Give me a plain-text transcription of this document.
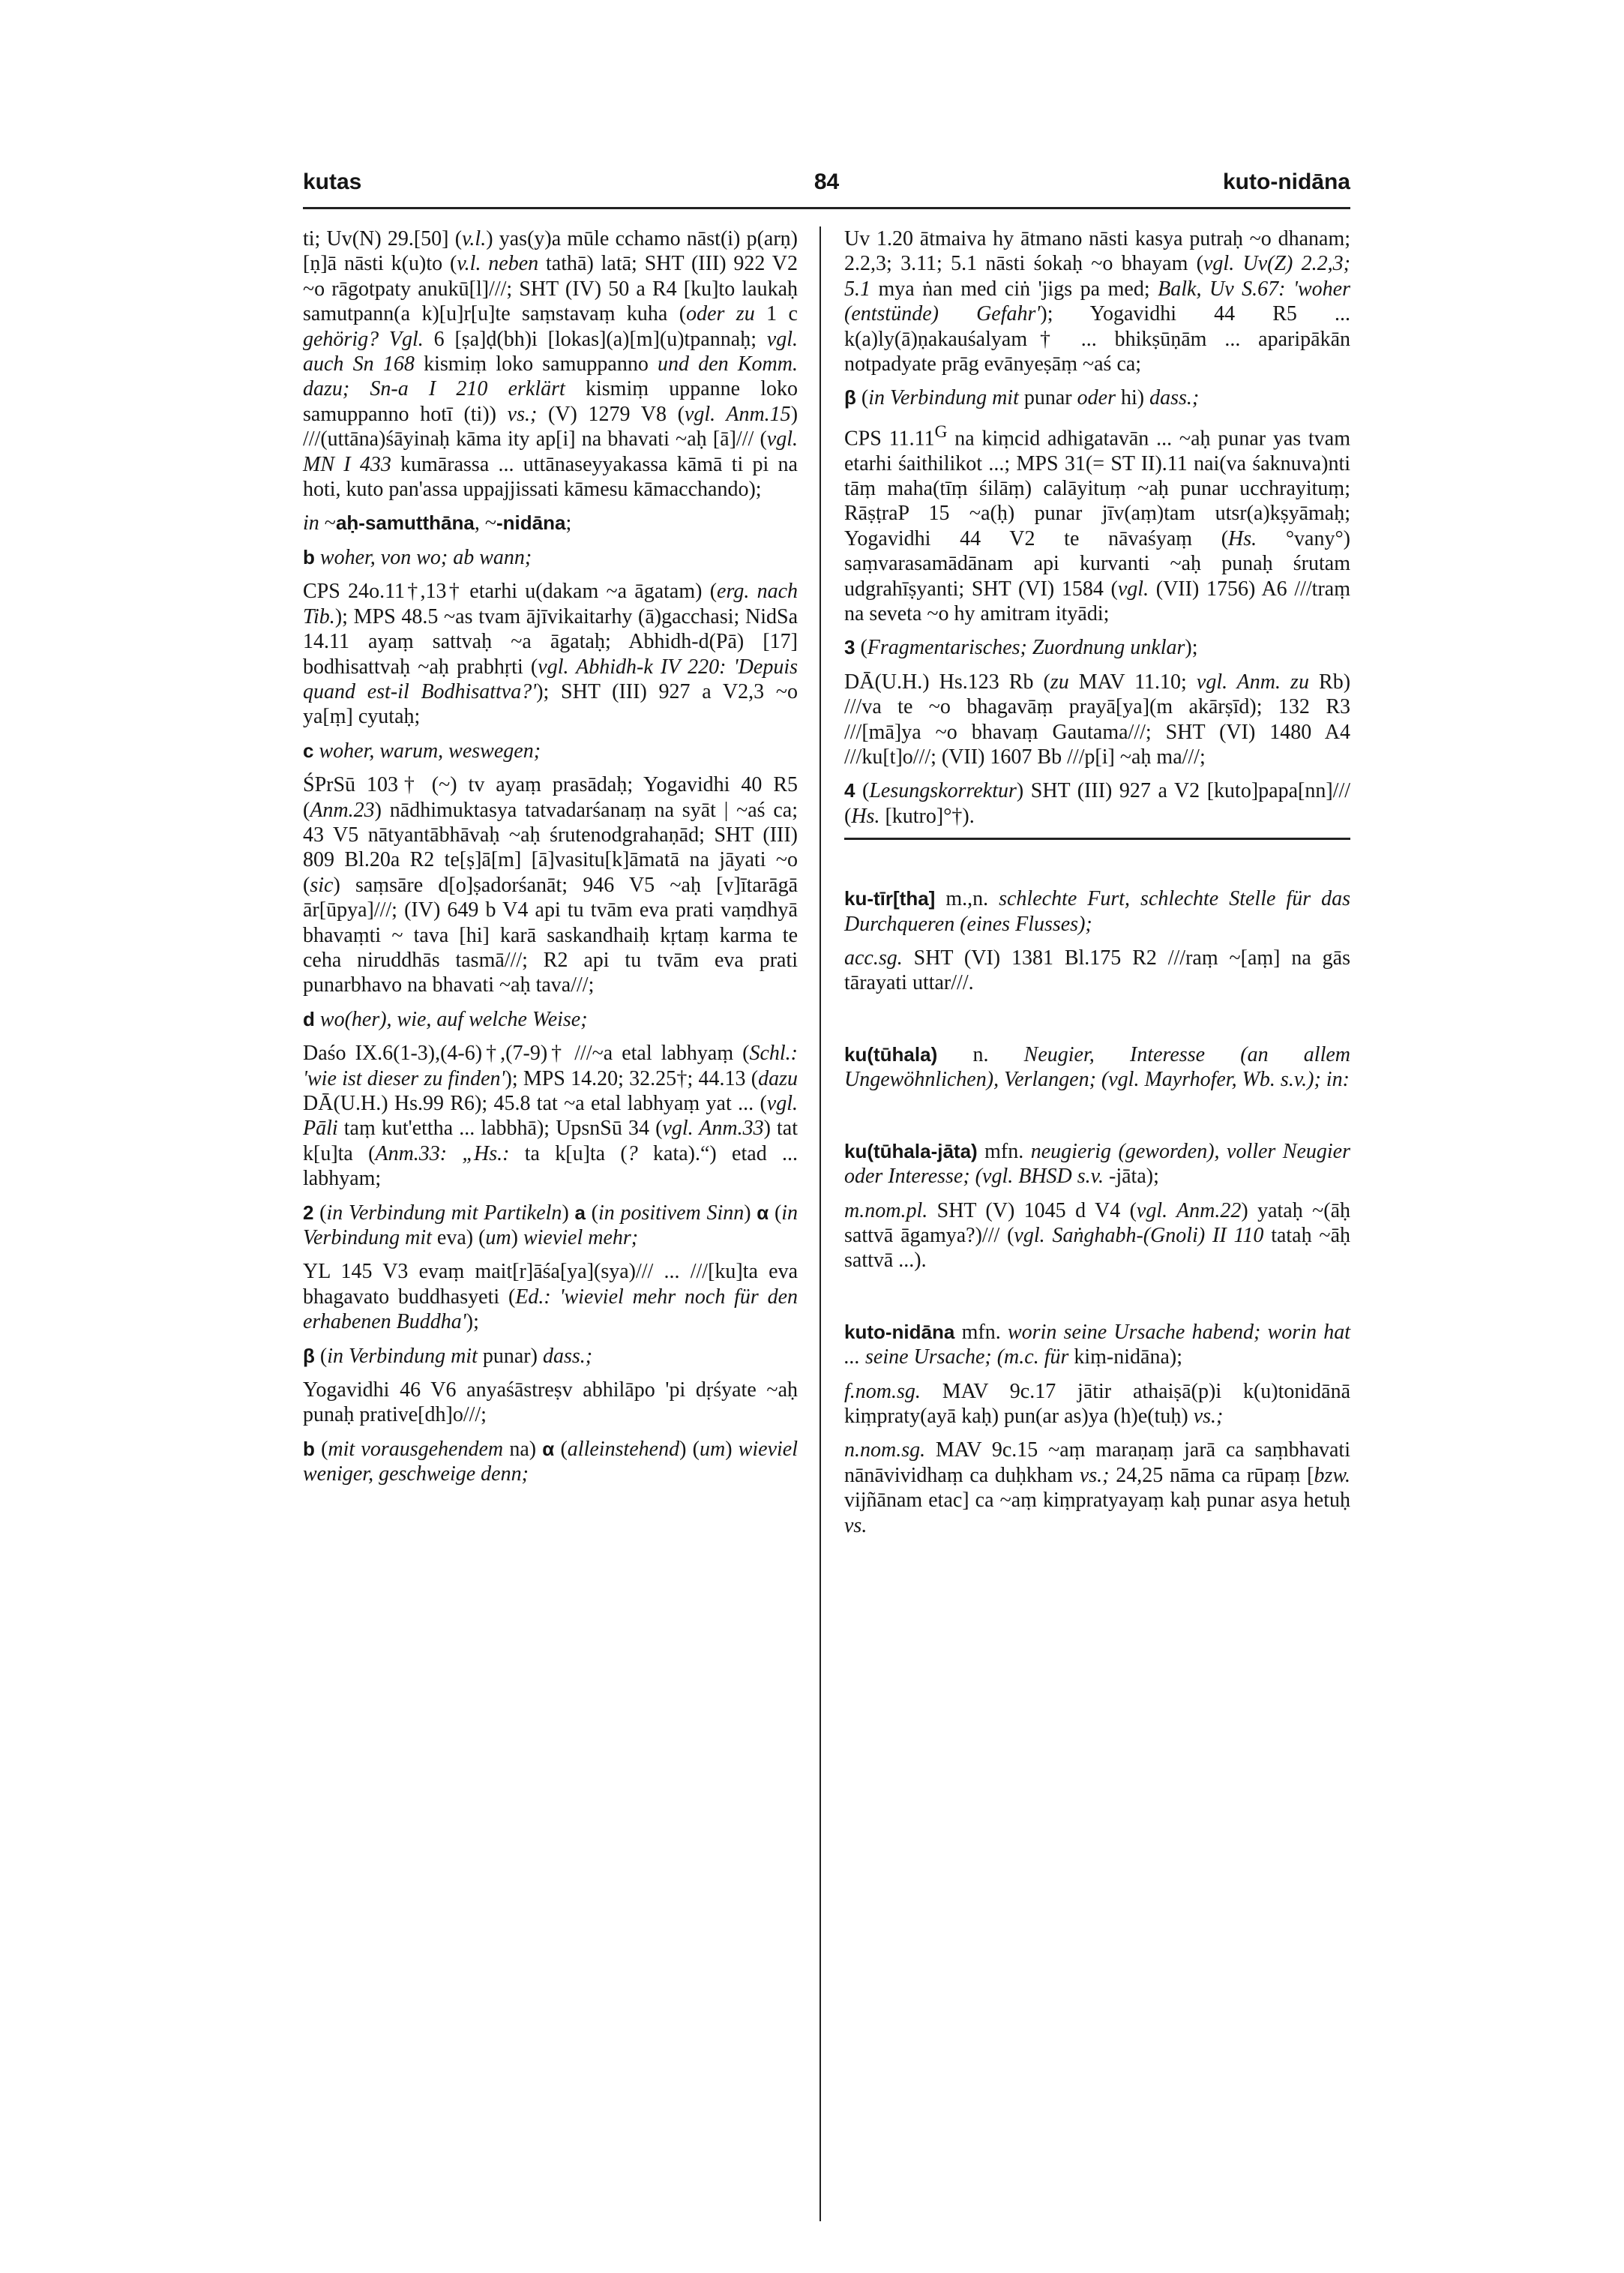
kutas	84	kuto-nidāna

ti; Uv(N) 29.[50] (v.l.) yas(y)a mūle cchamo nāst(i) p(arṇ)[ṇ]ā nāsti k(u)to (v.l. neben tathā) latā; SHT (III) 922 V2 ~o rāgotpaty anukū[l]///; SHT (IV) 50 a R4 [ku]to laukaḥ samutpann(a k)[u]r[u]te saṃstavaṃ kuha (oder zu 1 c gehörig? Vgl. 6 [ṣa]ḍ(bh)i [lokas](a)[m](u)tpannaḥ; vgl. auch Sn 168 kismiṃ loko samuppanno und den Komm. dazu; Sn-a I 210 erklärt kismiṃ uppanne loko samuppanno hotī (ti)) vs.; (V) 1279 V8 (vgl. Anm.15) ///(uttāna)śāyinaḥ kāma ity ap[i] na bhavati ~aḥ [ā]/// (vgl. MN I 433 kumārassa ... uttānaseyyakassa kāmā ti pi na hoti, kuto pan'assa uppajjissati kāmesu kāmacchando);

in ~aḥ-samutthāna, ~-nidāna;

b woher, von wo; ab wann;

CPS 24o.11†,13† etarhi u(dakam ~a āgatam) (erg. nach Tib.); MPS 48.5 ~as tvam ājīvikaitarhy (ā)gacchasi; NidSa 14.11 ayaṃ sattvaḥ ~a āgataḥ; Abhidh-d(Pā) [17] bodhisattvaḥ ~aḥ prabhṛti (vgl. Abhidh-k IV 220: 'Depuis quand est-il Bodhisattva?'); SHT (III) 927 a V2,3 ~o ya[ṃ] cyutaḥ;

c woher, warum, weswegen;

ŚPrSū 103† (~) tv ayaṃ prasādaḥ; Yogavidhi 40 R5 (Anm.23) nādhimuktasya tatvadarśanaṃ na syāt | ~aś ca; 43 V5 nātyantābhāvaḥ ~aḥ śrutenodgrahaṇād; SHT (III) 809 Bl.20a R2 te[ṣ]ā[m] [ā]vasitu[k]āmatā na jāyati ~o (sic) saṃsāre d[o]ṣadorśanāt; 946 V5 ~aḥ [v]ītarāgā ār[ūpya]///; (IV) 649 b V4 api tu tvām eva prati vaṃdhyā bhavaṃti ~ tava [hi] karā saskandhaiḥ kṛtaṃ karma te ceha niruddhās tasmā///; R2 api tu tvām eva prati punarbhavo na bhavati ~aḥ tava///;

d wo(her), wie, auf welche Weise;

Daśo IX.6(1-3),(4-6)†,(7-9)† ///~a etal labhyaṃ (Schl.: 'wie ist dieser zu finden'); MPS 14.20; 32.25†; 44.13 (dazu DĀ(U.H.) Hs.99 R6); 45.8 tat ~a etal labhyaṃ yat ... (vgl. Pāli taṃ kut'ettha ... labbhā); UpsnSū 34 (vgl. Anm.33) tat k[u]ta (Anm.33: „Hs.: ta k[u]ta (? kata).“) etad ... labhyam;

2 (in Verbindung mit Partikeln) a (in positivem Sinn) α (in Verbindung mit eva) (um) wieviel mehr;

YL 145 V3 evaṃ mait[r]āśa[ya](sya)/// ... ///[ku]ta eva bhagavato buddhasyeti (Ed.: 'wieviel mehr noch für den erhabenen Buddha');

β (in Verbindung mit punar) dass.;

Yogavidhi 46 V6 anyaśāstreṣv abhilāpo 'pi dṛśyate ~aḥ punaḥ prative[dh]o///;

b (mit vorausgehendem na) α (alleinstehend) (um) wieviel weniger, geschweige denn;

Uv 1.20 ātmaiva hy ātmano nāsti kasya putraḥ ~o dhanam; 2.2,3; 3.11; 5.1 nāsti śokaḥ ~o bhayam (vgl. Uv(Z) 2.2,3; 5.1 mya ṅan med ciṅ 'jigs pa med; Balk, Uv S.67: 'woher (entstünde) Gefahr'); Yogavidhi 44 R5 ... k(a)ly(ā)ṇakauśalyam† ... bhikṣūṇām ... aparipākān notpadyate prāg evānyeṣāṃ ~aś ca;

β (in Verbindung mit punar oder hi) dass.;

CPS $11.11^G$ na kiṃcid adhigatavān ... ~aḥ punar yas tvam etarhi śaithilikot ...; MPS 31(= ST II).11 nai(va śaknuva)nti tāṃ maha(tīṃ śilāṃ) calāyituṃ ~aḥ punar ucchrayituṃ; RāṣṭraP 15 ~a(ḥ) punar jīv(aṃ)tam utsr(a)kṣyāmaḥ; Yogavidhi 44 V2 te nāvaśyaṃ (Hs. °vany°) saṃvarasamādānam api kurvanti ~aḥ punaḥ śrutam udgrahīṣyanti; SHT (VI) 1584 (vgl. (VII) 1756) A6 ///traṃ na seveta ~o hy amitram ityādi;

3 (Fragmentarisches; Zuordnung unklar);

DĀ(U.H.) Hs.123 Rb (zu MAV 11.10; vgl. Anm. zu Rb) ///va te ~o bhagavāṃ prayā[ya](m akārṣīd); 132 R3 ///[mā]ya ~o bhavaṃ Gautama///; SHT (VI) 1480 A4 ///ku[t]o///; (VII) 1607 Bb ///p[i] ~aḥ ma///;

4 (Lesungskorrektur) SHT (III) 927 a V2 [kuto]papa[nn]/// (Hs. [kutro]°†).

ku-tīr[tha] m.,n. schlechte Furt, schlechte Stelle für das Durchqueren (eines Flusses);

acc.sg. SHT (VI) 1381 Bl.175 R2 ///raṃ ~[aṃ] na gās tārayati uttar///.

ku(tūhala) n. Neugier, Interesse (an allem Ungewöhnlichen), Verlangen; (vgl. Mayrhofer, Wb. s.v.); in:

ku(tūhala-jāta) mfn. neugierig (geworden), voller Neugier oder Interesse; (vgl. BHSD s.v. -jāta);

m.nom.pl. SHT (V) 1045 d V4 (vgl. Anm.22) yataḥ ~(āḥ sattvā āgamya?)/// (vgl. Saṅghabh-(Gnoli) II 110 tataḥ ~āḥ sattvā ...).

kuto-nidāna mfn. worin seine Ursache habend; worin hat ... seine Ursache; (m.c. für kiṃ-nidāna);

f.nom.sg. MAV 9c.17 jātir athaiṣā(p)i k(u)tonidānā kiṃpraty(ayā kaḥ) pun(ar as)ya (h)e(tuḥ) vs.;

n.nom.sg. MAV 9c.15 ~aṃ maraṇaṃ jarā ca saṃbhavati nānāvividhaṃ ca duḥkham vs.; 24,25 nāma ca rūpaṃ [bzw. vijñānam etac] ca ~aṃ kiṃpratyayaṃ kaḥ punar asya hetuḥ vs.
